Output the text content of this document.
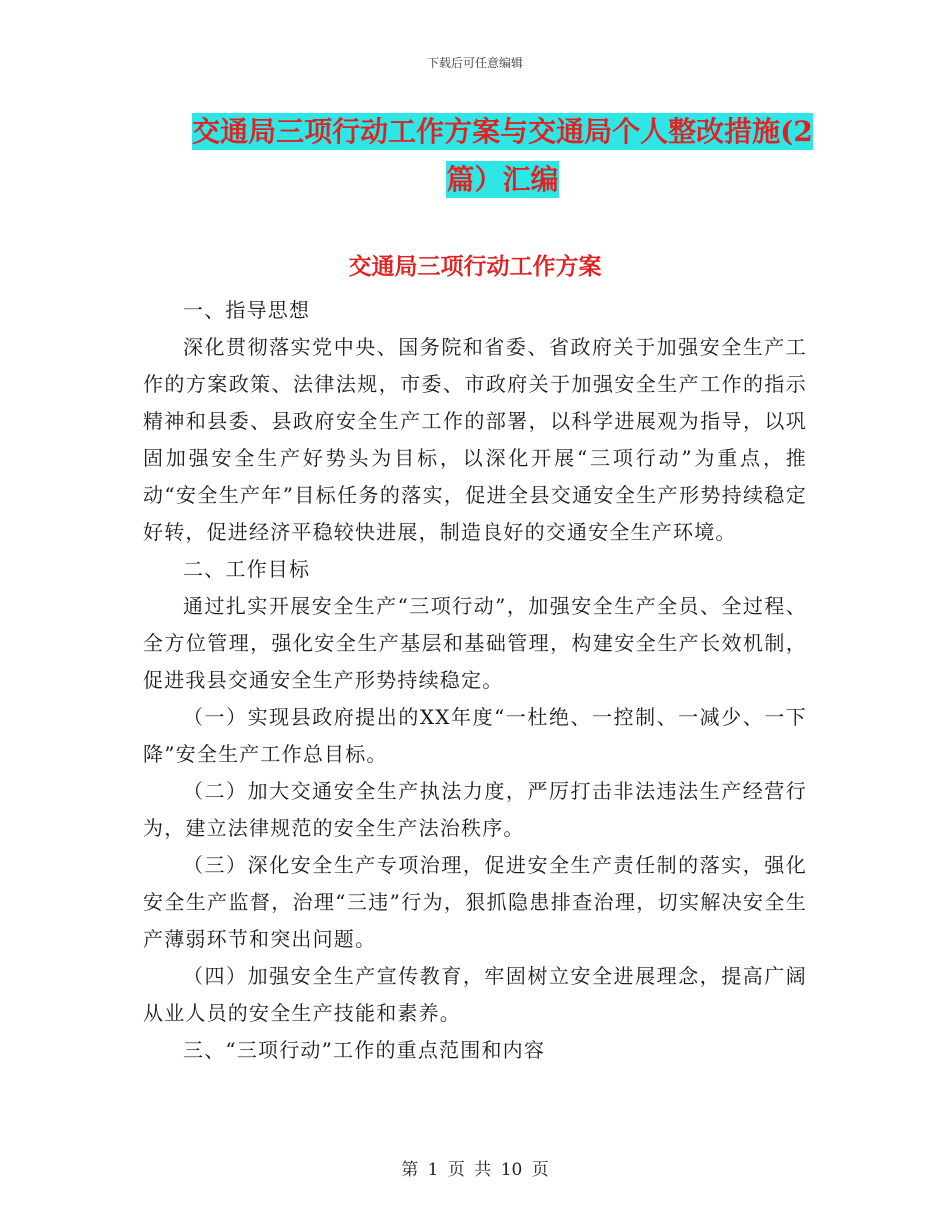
下载后可任意编辑
交通局三项行动工作方案与交通局个人整改措施(2
篇）汇编
交通局三项行动工作方案

一、指导思想

深化贯彻落实党中央、国务院和省委、省政府关于加强安全生产工作的方案政策、法律法规，市委、市政府关于加强安全生产工作的指示精神和县委、县政府安全生产工作的部署，以科学进展观为指导，以巩固加强安全生产好势头为目标，以深化开展“三项行动”为重点，推动“安全生产年”目标任务的落实，促进全县交通安全生产形势持续稳定好转，促进经济平稳较快进展，制造良好的交通安全生产环境。

二、工作目标

通过扎实开展安全生产“三项行动”，加强安全生产全员、全过程、全方位管理，强化安全生产基层和基础管理，构建安全生产长效机制，促进我县交通安全生产形势持续稳定。

（一）实现县政府提出的XX年度“一杜绝、一控制、一减少、一下降”安全生产工作总目标。

（二）加大交通安全生产执法力度，严厉打击非法违法生产经营行为，建立法律规范的安全生产法治秩序。

（三）深化安全生产专项治理，促进安全生产责任制的落实，强化安全生产监督，治理“三违”行为，狠抓隐患排查治理，切实解决安全生产薄弱环节和突出问题。

（四）加强安全生产宣传教育，牢固树立安全进展理念，提高广阔从业人员的安全生产技能和素养。

三、“三项行动”工作的重点范围和内容

第 1 页 共 10 页
